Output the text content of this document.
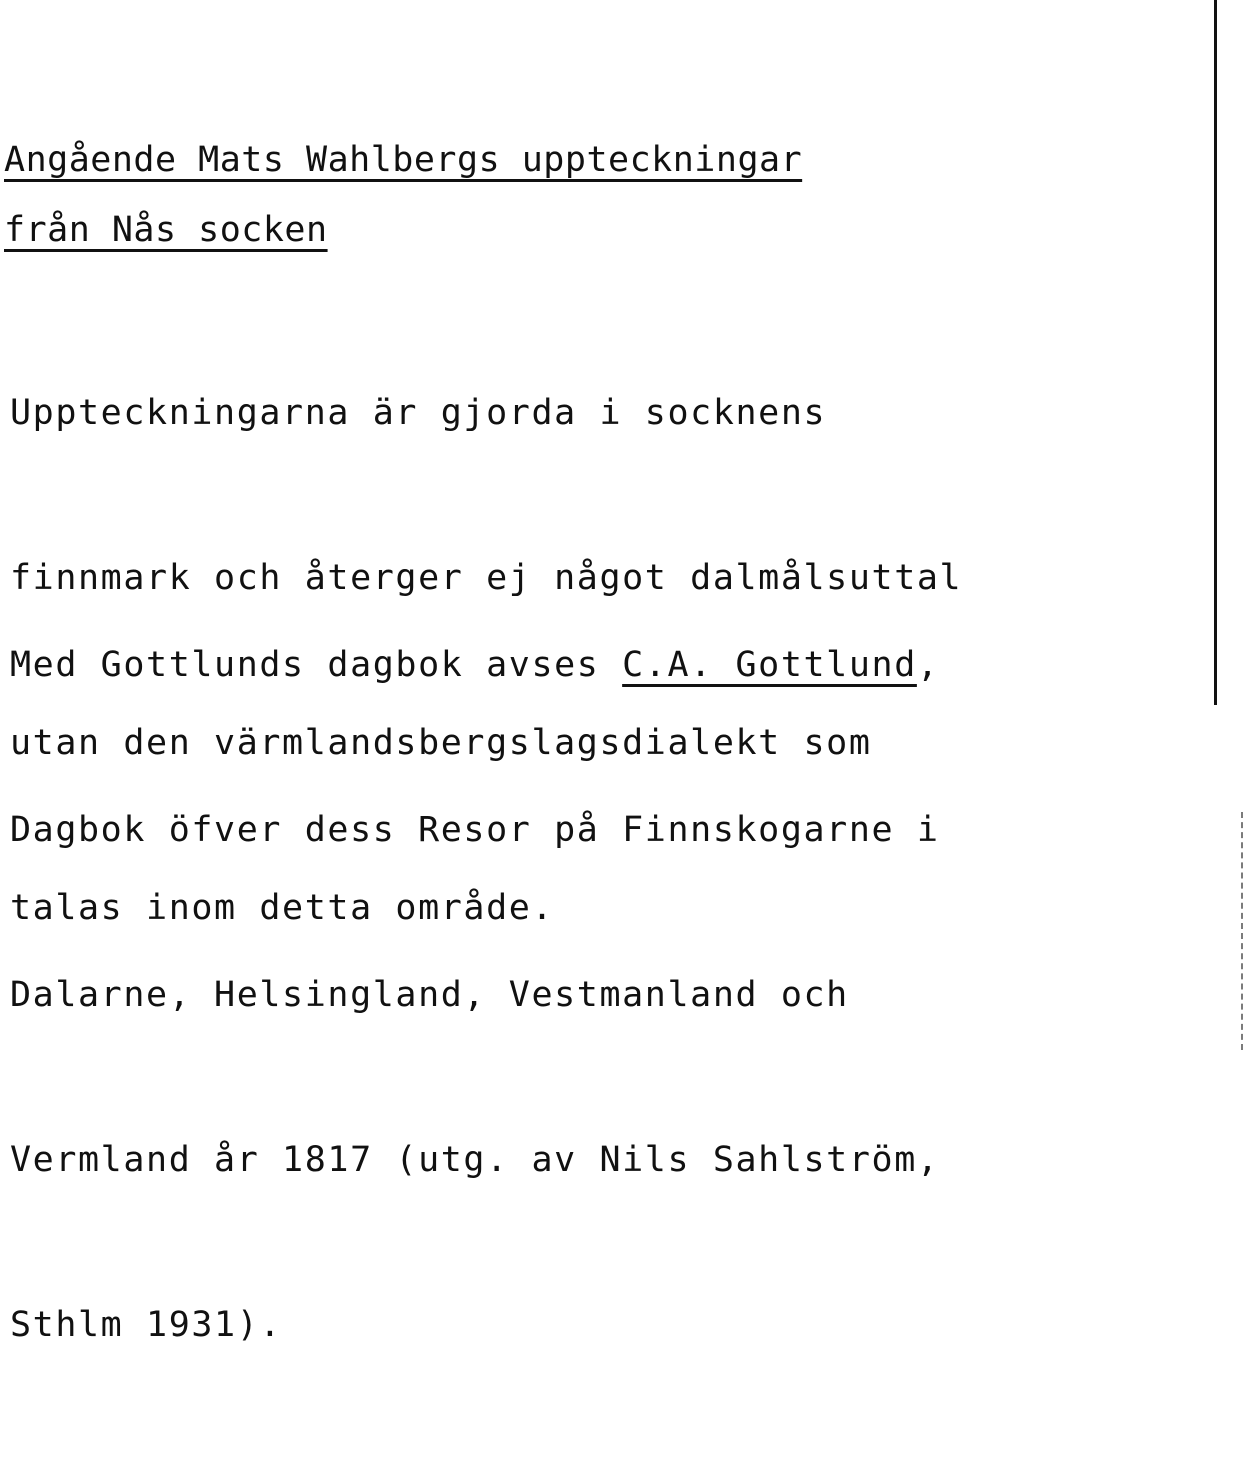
Angående Mats Wahlbergs uppteckningar
från Nås socken

Uppteckningarna är gjorda i socknens

finnmark och återger ej något dalmålsuttal

utan den värmlandsbergslagsdialekt som

talas inom detta område.

Med Gottlunds dagbok avses C.A. Gottlund,

Dagbok öfver dess Resor på Finnskogarne i

Dalarne, Helsingland, Vestmanland och

Vermland år 1817 (utg. av Nils Sahlström,

Sthlm 1931).
